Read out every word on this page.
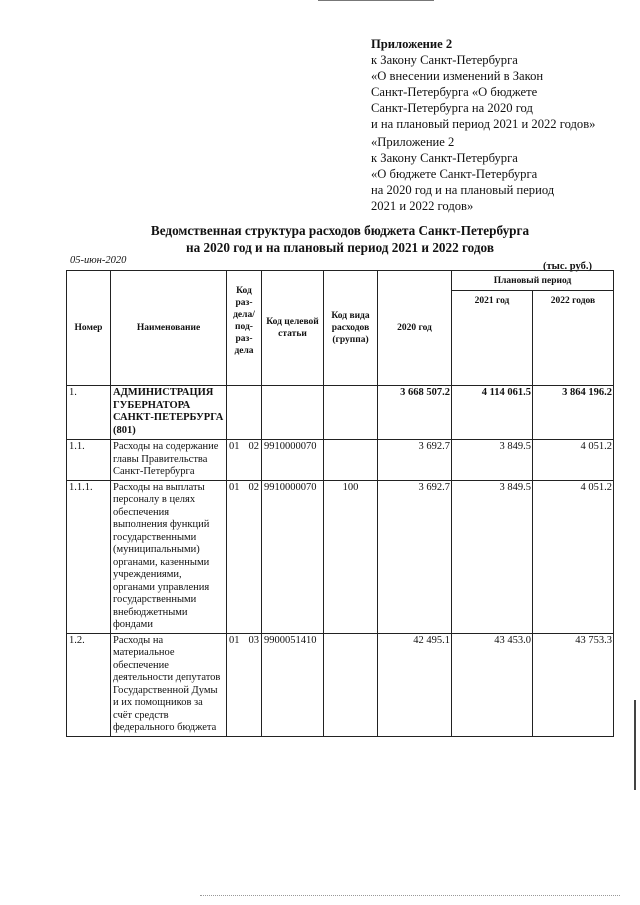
Приложение 2

к Закону Санкт-Петербурга

«О внесении изменений в Закон

Санкт-Петербурга «О бюджете

Санкт-Петербурга на 2020 год

и на плановый период 2021 и 2022 годов»

«Приложение 2

к Закону Санкт-Петербурга

«О бюджете Санкт-Петербурга

на 2020 год и на плановый период

2021 и 2022 годов»

Ведомственная структура расходов бюджета Санкт-Петербурга

на 2020 год и на плановый период 2021 и 2022 годов

05-июн-2020
(тыс. руб.)
Номер	Наименование	Код раз-дела/ под-раз-дела	Код целевой статьи	Код вида расходов (группа)	2020 год	Плановый период	
						2021 год	2022 годов
1.	АДМИНИСТРАЦИЯ ГУБЕРНАТОРА САНКТ-ПЕТЕРБУРГА (801)				3 668 507.2	4 114 061.5	3 864 196.2
1.1.	Расходы на содержание главы Правительства Санкт-Петербурга	01 02	9910000070		3 692.7	3 849.5	4 051.2
1.1.1.	Расходы на выплаты персоналу в целях обеспечения выполнения функций государственными (муниципальными) органами, казенными учреждениями, органами управления государственными внебюджетными фондами	01 02	9910000070	100	3 692.7	3 849.5	4 051.2
1.2.	Расходы на материальное обеспечение деятельности депутатов Государственной Думы и их помощников за счёт средств федерального бюджета	01 03	9900051410		42 495.1	43 453.0	43 753.3
